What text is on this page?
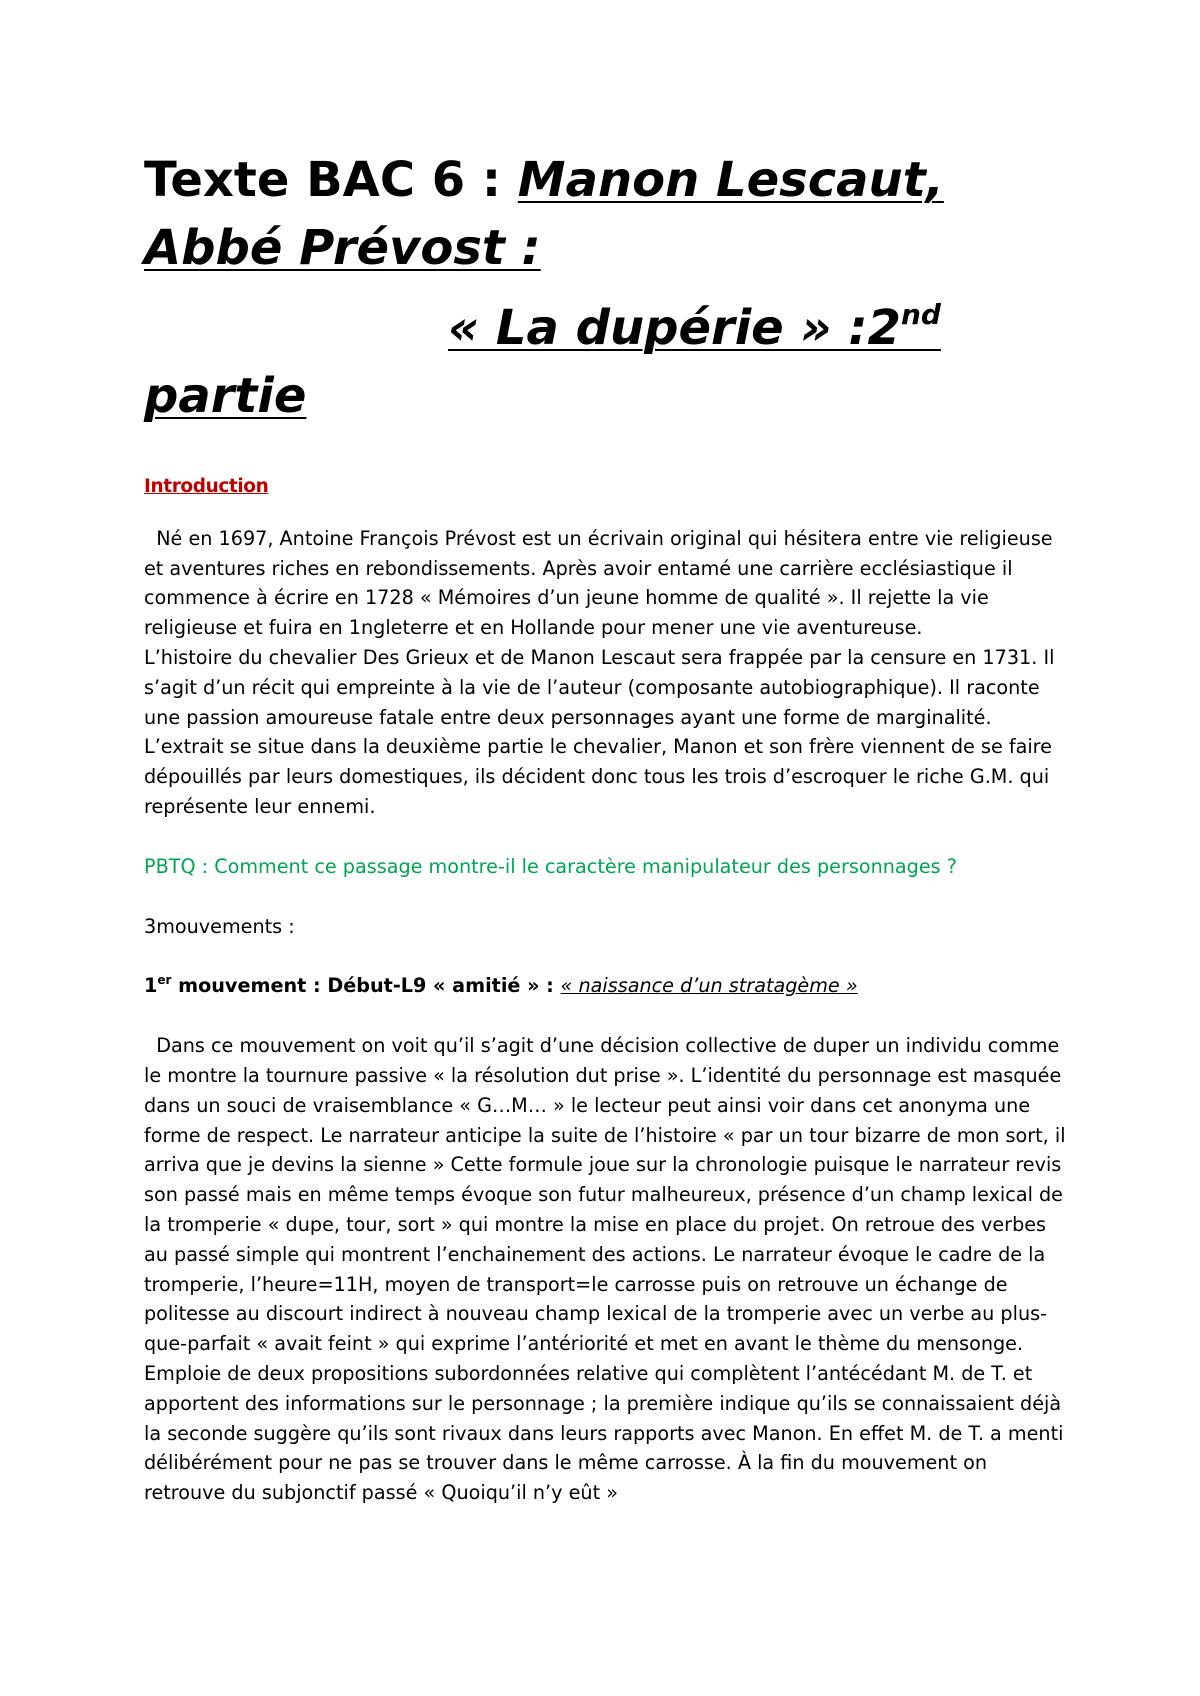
Texte BAC 6 : Manon Lescaut, Abbé Prévost :
« La dupérie » :2nd
partie
Introduction

Né en 1697, Antoine François Prévost est un écrivain original qui hésitera entre vie religieuse et aventures riches en rebondissements. Après avoir entamé une carrière ecclésiastique il commence à écrire en 1728 « Mémoires d’un jeune homme de qualité ». Il rejette la vie religieuse et fuira en 1ngleterre et en Hollande pour mener une vie aventureuse.

L’histoire du chevalier Des Grieux et de Manon Lescaut sera frappée par la censure en 1731. Il s’agit d’un récit qui empreinte à la vie de l’auteur (composante autobiographique). Il raconte une passion amoureuse fatale entre deux personnages ayant une forme de marginalité.

L’extrait se situe dans la deuxième partie le chevalier, Manon et son frère viennent de se faire dépouillés par leurs domestiques, ils décident donc tous les trois d’escroquer le riche G.M. qui représente leur ennemi.

PBTQ : Comment ce passage montre-il le caractère manipulateur des personnages ?

3mouvements :

1er mouvement : Début-L9 « amitié » : « naissance d’un stratagème »

Dans ce mouvement on voit qu’il s’agit d’une décision collective de duper un individu comme le montre la tournure passive « la résolution dut prise ». L’identité du personnage est masquée dans un souci de vraisemblance « G…M… » le lecteur peut ainsi voir dans cet anonyma une forme de respect. Le narrateur anticipe la suite de l’histoire « par un tour bizarre de mon sort, il arriva que je devins la sienne » Cette formule joue sur la chronologie puisque le narrateur revis son passé mais en même temps évoque son futur malheureux, présence d’un champ lexical de la tromperie « dupe, tour, sort » qui montre la mise en place du projet. On retroue des verbes au passé simple qui montrent l’enchainement des actions. Le narrateur évoque le cadre de la tromperie, l’heure=11H, moyen de transport=le carrosse puis on retrouve un échange de politesse au discourt indirect à nouveau champ lexical de la tromperie avec un verbe au plus-que-parfait « avait feint » qui exprime l’antériorité et met en avant le thème du mensonge. Emploie de deux propositions subordonnées relative qui complètent l’antécédant M. de T. et apportent des informations sur le personnage ; la première indique qu’ils se connaissaient déjà la seconde suggère qu’ils sont rivaux dans leurs rapports avec Manon. En effet M. de T. a menti délibérément pour ne pas se trouver dans le même carrosse. À la fin du mouvement on retrouve du subjonctif passé « Quoiqu’il n’y eût »
